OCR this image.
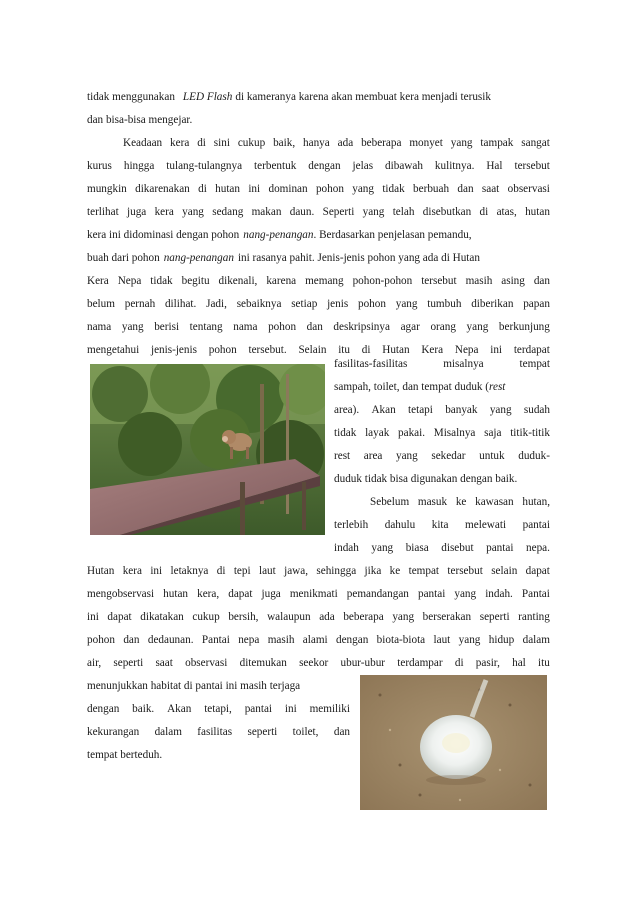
tidak menggunakan LED Flash di kameranya karena akan membuat kera menjadi terusik
dan bisa-bisa mengejar.
Keadaan kera di sini cukup baik, hanya ada beberapa monyet yang tampak sangat
kurus hingga tulang-tulangnya terbentuk dengan jelas dibawah kulitnya. Hal tersebut
mungkin dikarenakan di hutan ini dominan pohon yang tidak berbuah dan saat observasi
terlihat juga kera yang sedang makan daun. Seperti yang telah disebutkan di atas, hutan
kera ini didominasi dengan pohon nang-penangan . Berdasarkan penjelasan pemandu,
buah dari pohon nang-penangan ini rasanya pahit. Jenis-jenis pohon yang ada di Hutan
Kera Nepa tidak begitu dikenali, karena memang pohon-pohon tersebut masih asing dan
belum pernah dilihat. Jadi, sebaiknya setiap jenis pohon yang tumbuh diberikan papan
nama yang berisi tentang nama pohon dan deskripsinya agar orang yang berkunjung
mengetahui jenis-jenis pohon tersebut. Selain itu di Hutan Kera Nepa ini terdapat
fasilitas-fasilitas	misalnya	tempat
sampah, toilet, dan tempat duduk ( rest
area). Akan tetapi banyak yang sudah
tidak layak pakai. Misalnya saja titik-titik
rest area yang sekedar untuk duduk-
duduk tidak bisa digunakan dengan baik.
Sebelum masuk ke kawasan hutan,
terlebih dahulu kita melewati pantai
indah yang biasa disebut pantai nepa.
Hutan kera ini letaknya di tepi laut jawa, sehingga jika ke tempat tersebut selain dapat
mengobservasi hutan kera, dapat juga menikmati pemandangan pantai yang indah. Pantai
ini dapat dikatakan cukup bersih, walaupun ada beberapa yang berserakan seperti ranting
pohon dan dedaunan. Pantai nepa masih alami dengan biota-biota laut yang hidup dalam
air, seperti saat observasi ditemukan seekor ubur-ubur terdampar di pasir, hal itu
menunjukkan habitat di pantai ini masih terjaga
dengan baik. Akan tetapi, pantai ini memiliki
kekurangan dalam fasilitas seperti toilet, dan
tempat berteduh.
